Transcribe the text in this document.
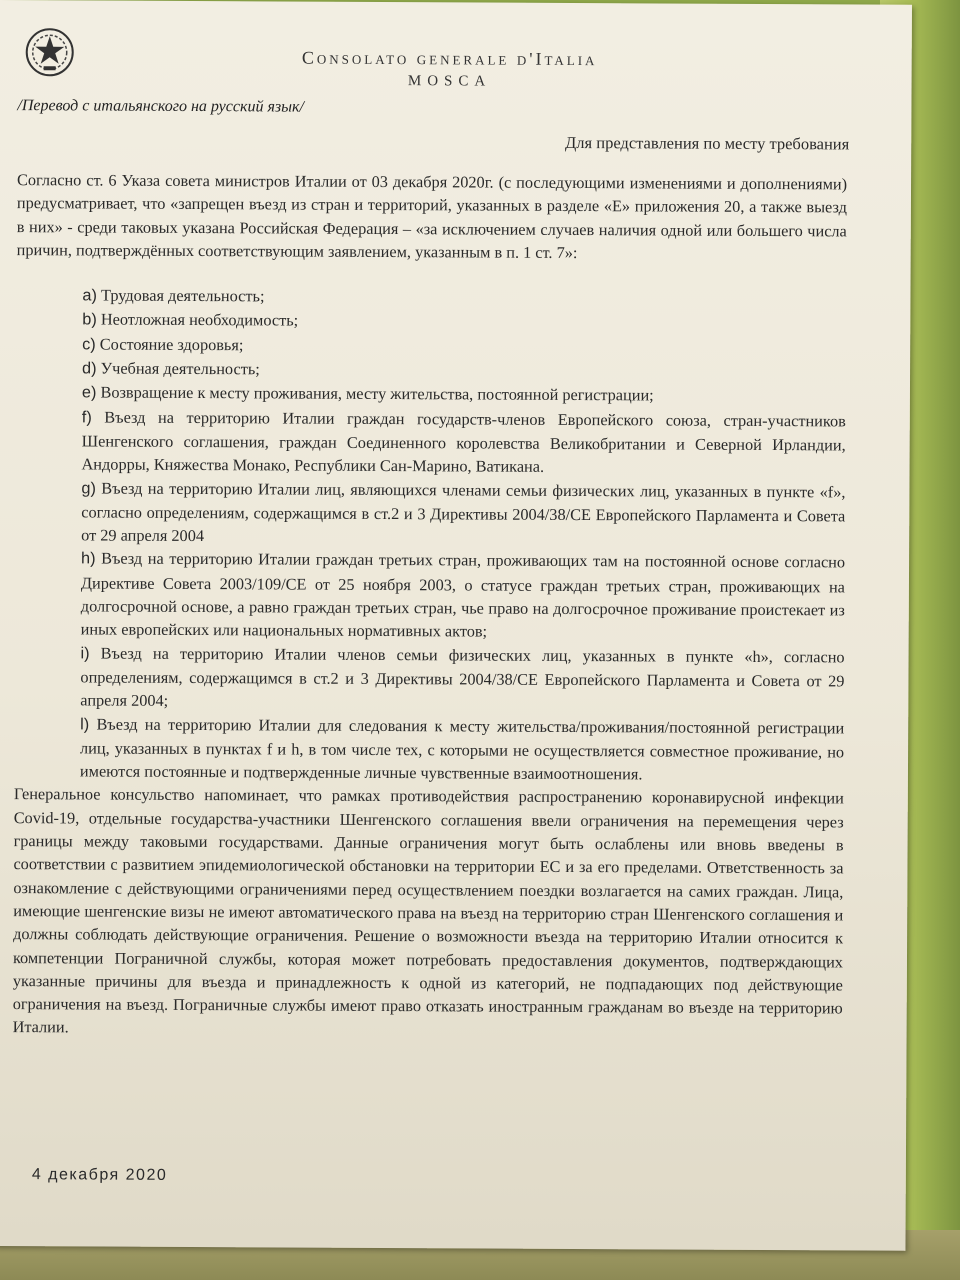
Consolato generale d'Italia
MOSCA
/Перевод с итальянского на русский язык/
Для представления по месту требования

Согласно ст. 6 Указа совета министров Италии от 03 декабря 2020г. (с последующими изменениями и дополнениями) предусматривает, что «запрещен въезд из стран и территорий, указанных в разделе «E» приложения 20, а также выезд в них» - среди таковых указана Российская Федерация – «за исключением случаев наличия одной или большего числа причин, подтверждённых соответствующим заявлением, указанным в п. 1 ст. 7»:

a) Трудовая деятельность;
b) Неотложная необходимость;
c) Состояние здоровья;
d) Учебная деятельность;
e) Возвращение к месту проживания, месту жительства, постоянной регистрации;
f) Въезд на территорию Италии граждан государств-членов Европейского союза, стран-участников Шенгенского соглашения, граждан Соединенного королевства Великобритании и Северной Ирландии, Андорры, Княжества Монако, Республики Сан-Марино, Ватикана.
g) Въезд на территорию Италии лиц, являющихся членами семьи физических лиц, указанных в пункте «f», согласно определениям, содержащимся в ст.2 и 3 Директивы 2004/38/CE Европейского Парламента и Совета от 29 апреля 2004
h) Въезд на территорию Италии граждан третьих стран, проживающих там на постоянной основе согласно Директиве Совета 2003/109/CE от 25 ноября 2003, о статусе граждан третьих стран, проживающих на долгосрочной основе, а равно граждан третьих стран, чье право на долгосрочное проживание проистекает из иных европейских или национальных нормативных актов;
i) Въезд на территорию Италии членов семьи физических лиц, указанных в пункте «h», согласно определениям, содержащимся в ст.2 и 3 Директивы 2004/38/CE Европейского Парламента и Совета от 29 апреля 2004;
l) Въезд на территорию Италии для следования к месту жительства/проживания/постоянной регистрации лиц, указанных в пунктах f и h, в том числе тех, с которыми не осуществляется совместное проживание, но имеются постоянные и подтвержденные личные чувственные взаимоотношения.

Генеральное консульство напоминает, что рамках противодействия распространению коронавирусной инфекции Covid-19, отдельные государства-участники Шенгенского соглашения ввели ограничения на перемещения через границы между таковыми государствами. Данные ограничения могут быть ослаблены или вновь введены в соответствии с развитием эпидемиологической обстановки на территории ЕС и за его пределами. Ответственность за ознакомление с действующими ограничениями перед осуществлением поездки возлагается на самих граждан. Лица, имеющие шенгенские визы не имеют автоматического права на въезд на территорию стран Шенгенского соглашения и должны соблюдать действующие ограничения. Решение о возможности въезда на территорию Италии относится к компетенции Пограничной службы, которая может потребовать предоставления документов, подтверждающих указанные причины для въезда и принадлежность к одной из категорий, не подпадающих под действующие ограничения на въезд. Пограничные службы имеют право отказать иностранным гражданам во въезде на территорию Италии.

4 декабря 2020
